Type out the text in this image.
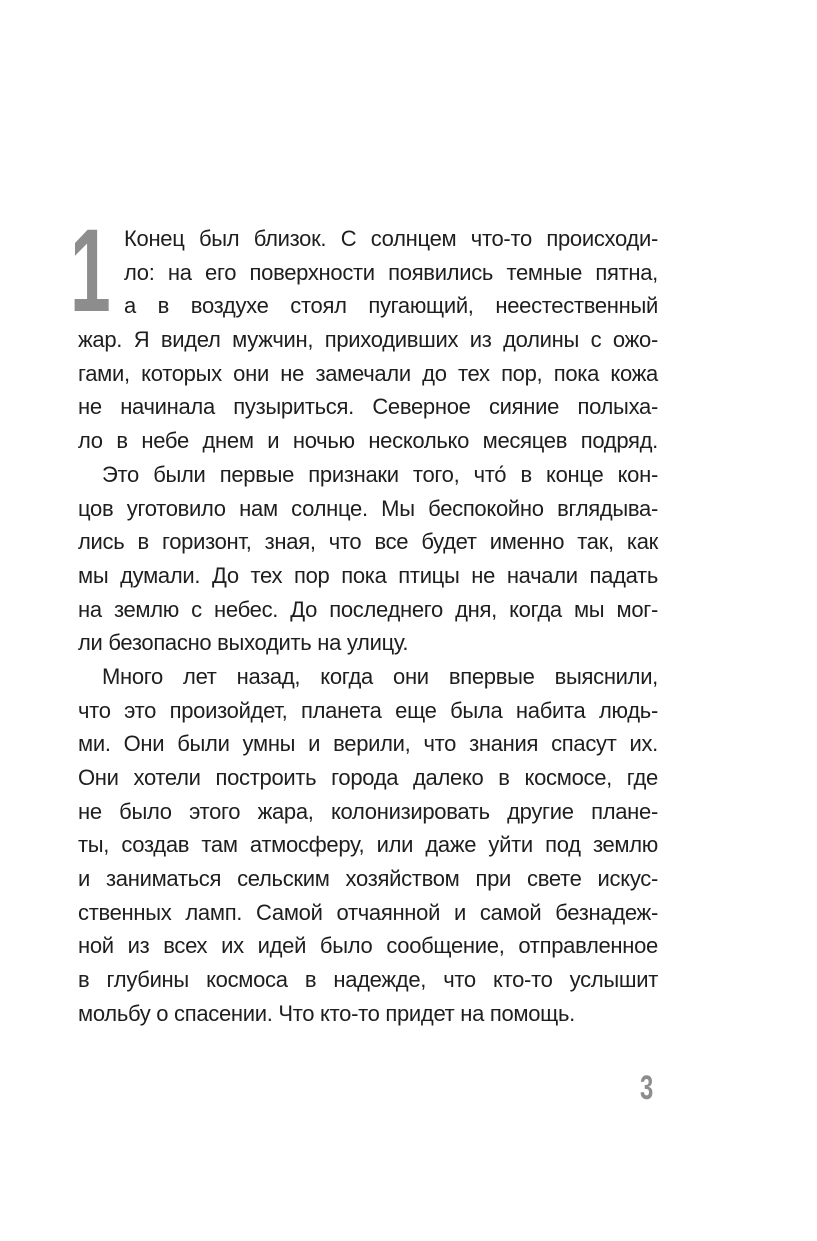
1 Конец был близок. С солнцем что-то происходи-
ло: на его поверхности появились темные пятна,
а в воздухе стоял пугающий, неестественный
жар. Я видел мужчин, приходивших из долины с ожо-
гами, которых они не замечали до тех пор, пока кожа
не начинала пузыриться. Северное сияние полыха-
ло в небе днем и ночью несколько месяцев подряд.
Это были первые признаки того, что́ в конце кон-
цов уготовило нам солнце. Мы беспокойно вглядыва-
лись в горизонт, зная, что все будет именно так, как
мы думали. До тех пор пока птицы не начали падать
на землю с небес. До последнего дня, когда мы мог-
ли безопасно выходить на улицу.
Много лет назад, когда они впервые выяснили,
что это произойдет, планета еще была набита людь-
ми. Они были умны и верили, что знания спасут их.
Они хотели построить города далеко в космосе, где
не было этого жара, колонизировать другие плане-
ты, создав там атмосферу, или даже уйти под землю
и заниматься сельским хозяйством при свете искус-
ственных ламп. Самой отчаянной и самой безнадеж-
ной из всех их идей было сообщение, отправленное
в глубины космоса в надежде, что кто-то услышит
мольбу о спасении. Что кто-то придет на помощь.
3
